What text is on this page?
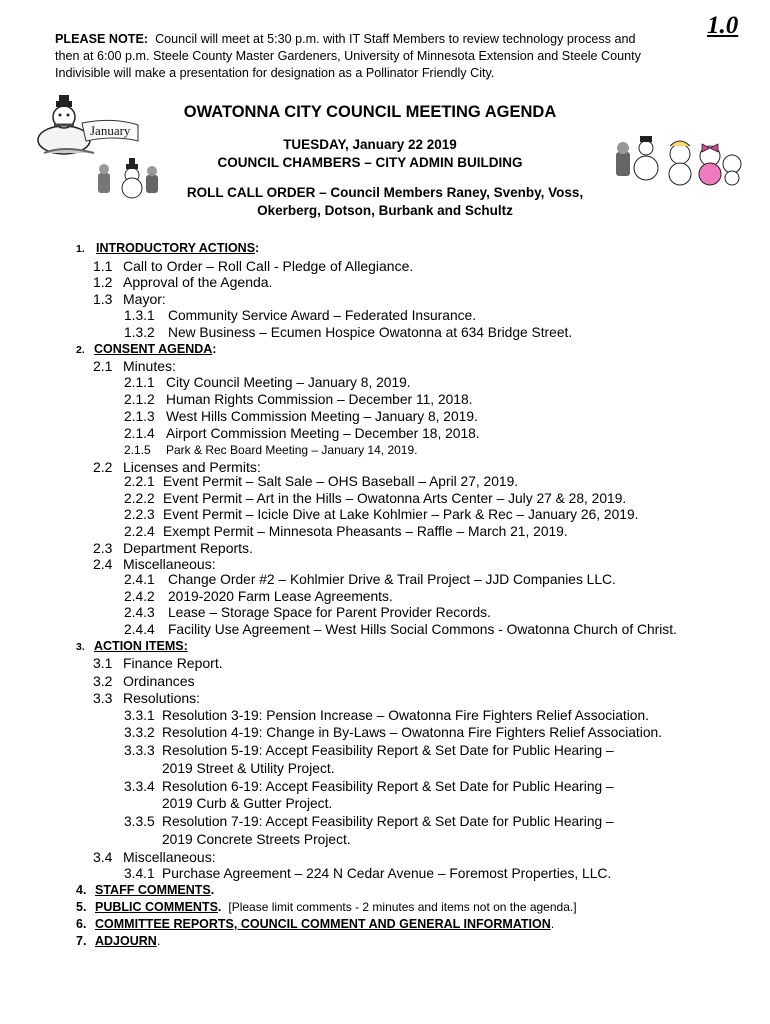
1.0
PLEASE NOTE: Council will meet at 5:30 p.m. with IT Staff Members to review technology process and
then at 6:00 p.m. Steele County Master Gardeners, University of Minnesota Extension and Steele County
Indivisible will make a presentation for designation as a Pollinator Friendly City.
January
OWATONNA CITY COUNCIL MEETING AGENDA
TUESDAY, January 22 2019
COUNCIL CHAMBERS – CITY ADMIN BUILDING
ROLL CALL ORDER – Council Members Raney, Svenby, Voss,
Okerberg, Dotson, Burbank and Schultz
1. INTRODUCTORY ACTIONS:
1.1 Call to Order – Roll Call - Pledge of Allegiance.
1.2 Approval of the Agenda.
1.3 Mayor:
1.3.1 Community Service Award – Federated Insurance.
1.3.2 New Business – Ecumen Hospice Owatonna at 634 Bridge Street.
2. CONSENT AGENDA:
2.1 Minutes:
2.1.1 City Council Meeting – January 8, 2019.
2.1.2 Human Rights Commission – December 11, 2018.
2.1.3 West Hills Commission Meeting – January 8, 2019.
2.1.4 Airport Commission Meeting – December 18, 2018.
2.1.5 Park & Rec Board Meeting – January 14, 2019.
2.2 Licenses and Permits:
2.2.1 Event Permit – Salt Sale – OHS Baseball – April 27, 2019.
2.2.2 Event Permit – Art in the Hills – Owatonna Arts Center – July 27 & 28, 2019.
2.2.3 Event Permit – Icicle Dive at Lake Kohlmier – Park & Rec – January 26, 2019.
2.2.4 Exempt Permit – Minnesota Pheasants – Raffle – March 21, 2019.
2.3 Department Reports.
2.4 Miscellaneous:
2.4.1 Change Order #2 – Kohlmier Drive & Trail Project – JJD Companies LLC.
2.4.2 2019-2020 Farm Lease Agreements.
2.4.3 Lease – Storage Space for Parent Provider Records.
2.4.4 Facility Use Agreement – West Hills Social Commons - Owatonna Church of Christ.
3. ACTION ITEMS:
3.1 Finance Report.
3.2 Ordinances
3.3 Resolutions:
3.3.1 Resolution 3-19: Pension Increase – Owatonna Fire Fighters Relief Association.
3.3.2 Resolution 4-19: Change in By-Laws – Owatonna Fire Fighters Relief Association.
3.3.3 Resolution 5-19: Accept Feasibility Report & Set Date for Public Hearing –
2019 Street & Utility Project.
3.3.4 Resolution 6-19: Accept Feasibility Report & Set Date for Public Hearing –
2019 Curb & Gutter Project.
3.3.5 Resolution 7-19: Accept Feasibility Report & Set Date for Public Hearing –
2019 Concrete Streets Project.
3.4 Miscellaneous:
3.4.1 Purchase Agreement – 224 N Cedar Avenue – Foremost Properties, LLC.
4. STAFF COMMENTS.
5. PUBLIC COMMENTS. [Please limit comments - 2 minutes and items not on the agenda.]
6. COMMITTEE REPORTS, COUNCIL COMMENT AND GENERAL INFORMATION.
7. ADJOURN.
